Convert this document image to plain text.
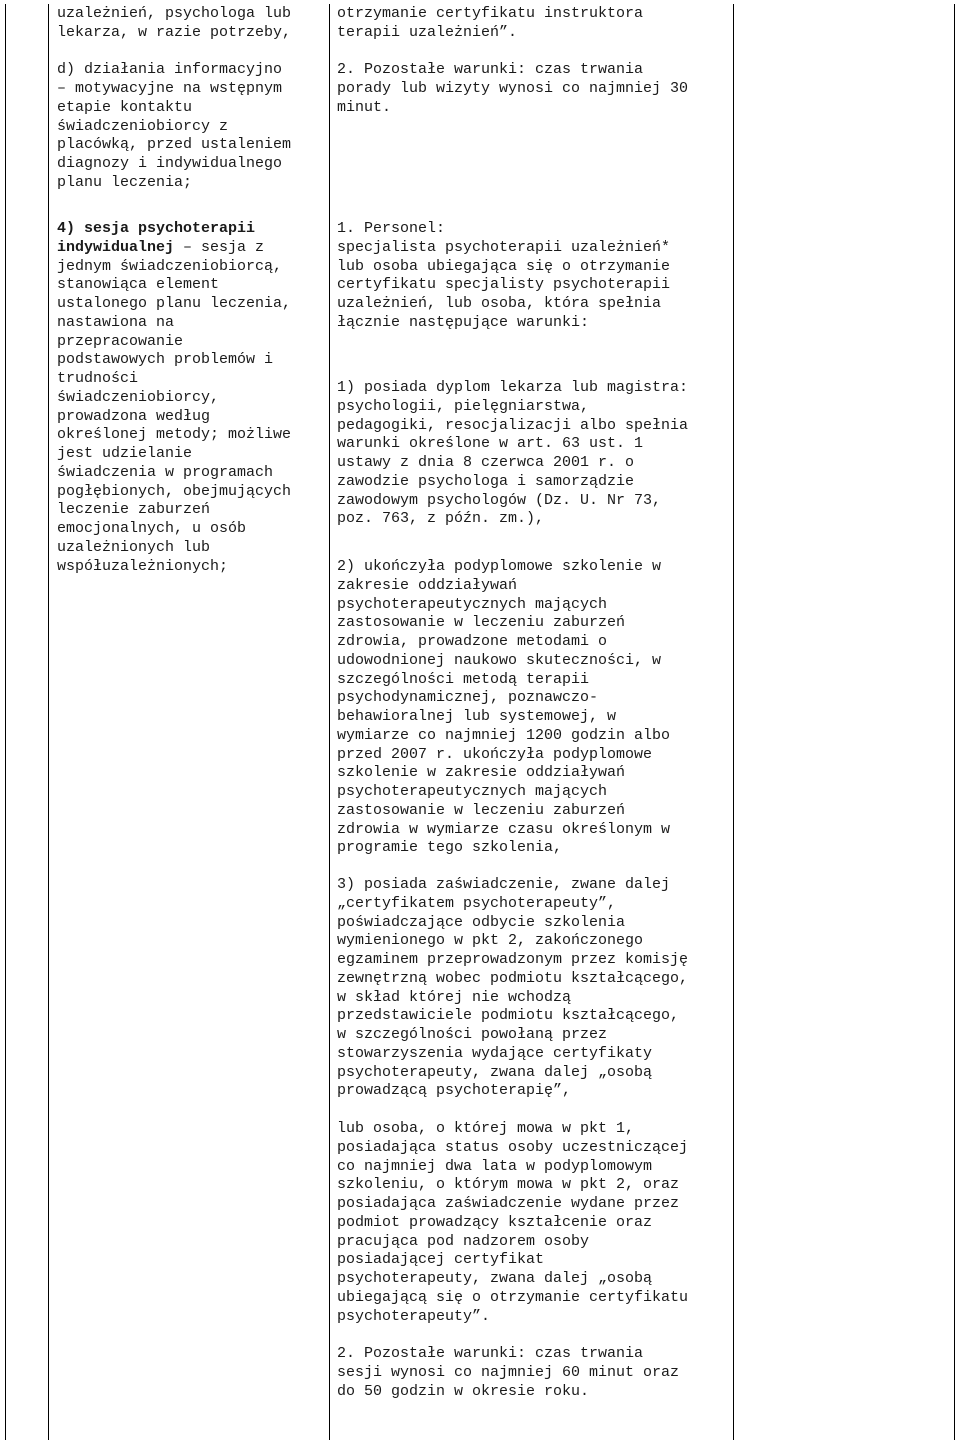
uzależnień, psychologa lub
lekarza, w razie potrzeby,

d) działania informacyjno
– motywacyjne na wstępnym
etapie kontaktu
świadczeniobiorcy z
placówką, przed ustaleniem
diagnozy i indywidualnego
planu leczenia;
otrzymanie certyfikatu instruktora
terapii uzależnień”.

2. Pozostałe warunki: czas trwania
porady lub wizyty wynosi co najmniej 30
minut.
4) sesja psychoterapii
indywidualnej – sesja z
jednym świadczeniobiorcą,
stanowiąca element
ustalonego planu leczenia,
nastawiona na
przepracowanie
podstawowych problemów i
trudności
świadczeniobiorcy,
prowadzona według
określonej metody; możliwe
jest udzielanie
świadczenia w programach
pogłębionych, obejmujących
leczenie zaburzeń
emocjonalnych, u osób
uzależnionych lub
współuzależnionych;
1. Personel:
specjalista psychoterapii uzależnień*
lub osoba ubiegająca się o otrzymanie
certyfikatu specjalisty psychoterapii
uzależnień, lub osoba, która spełnia
łącznie następujące warunki:
1) posiada dyplom lekarza lub magistra:
psychologii, pielęgniarstwa,
pedagogiki, resocjalizacji albo spełnia
warunki określone w art. 63 ust. 1
ustawy z dnia 8 czerwca 2001 r. o
zawodzie psychologa i samorządzie
zawodowym psychologów (Dz. U. Nr 73,
poz. 763, z późn. zm.),
2) ukończyła podyplomowe szkolenie w
zakresie oddziaływań
psychoterapeutycznych mających
zastosowanie w leczeniu zaburzeń
zdrowia, prowadzone metodami o
udowodnionej naukowo skuteczności, w
szczególności metodą terapii
psychodynamicznej, poznawczo-
behawioralnej lub systemowej, w
wymiarze co najmniej 1200 godzin albo
przed 2007 r. ukończyła podyplomowe
szkolenie w zakresie oddziaływań
psychoterapeutycznych mających
zastosowanie w leczeniu zaburzeń
zdrowia w wymiarze czasu określonym w
programie tego szkolenia,
3) posiada zaświadczenie, zwane dalej
„certyfikatem psychoterapeuty”,
poświadczające odbycie szkolenia
wymienionego w pkt 2, zakończonego
egzaminem przeprowadzonym przez komisję
zewnętrzną wobec podmiotu kształcącego,
w skład której nie wchodzą
przedstawiciele podmiotu kształcącego,
w szczególności powołaną przez
stowarzyszenia wydające certyfikaty
psychoterapeuty, zwana dalej „osobą
prowadzącą psychoterapię”,
lub osoba, o której mowa w pkt 1,
posiadająca status osoby uczestniczącej
co najmniej dwa lata w podyplomowym
szkoleniu, o którym mowa w pkt 2, oraz
posiadająca zaświadczenie wydane przez
podmiot prowadzący kształcenie oraz
pracująca pod nadzorem osoby
posiadającej certyfikat
psychoterapeuty, zwana dalej „osobą
ubiegającą się o otrzymanie certyfikatu
psychoterapeuty”.
2. Pozostałe warunki: czas trwania
sesji wynosi co najmniej 60 minut oraz
do 50 godzin w okresie roku.
